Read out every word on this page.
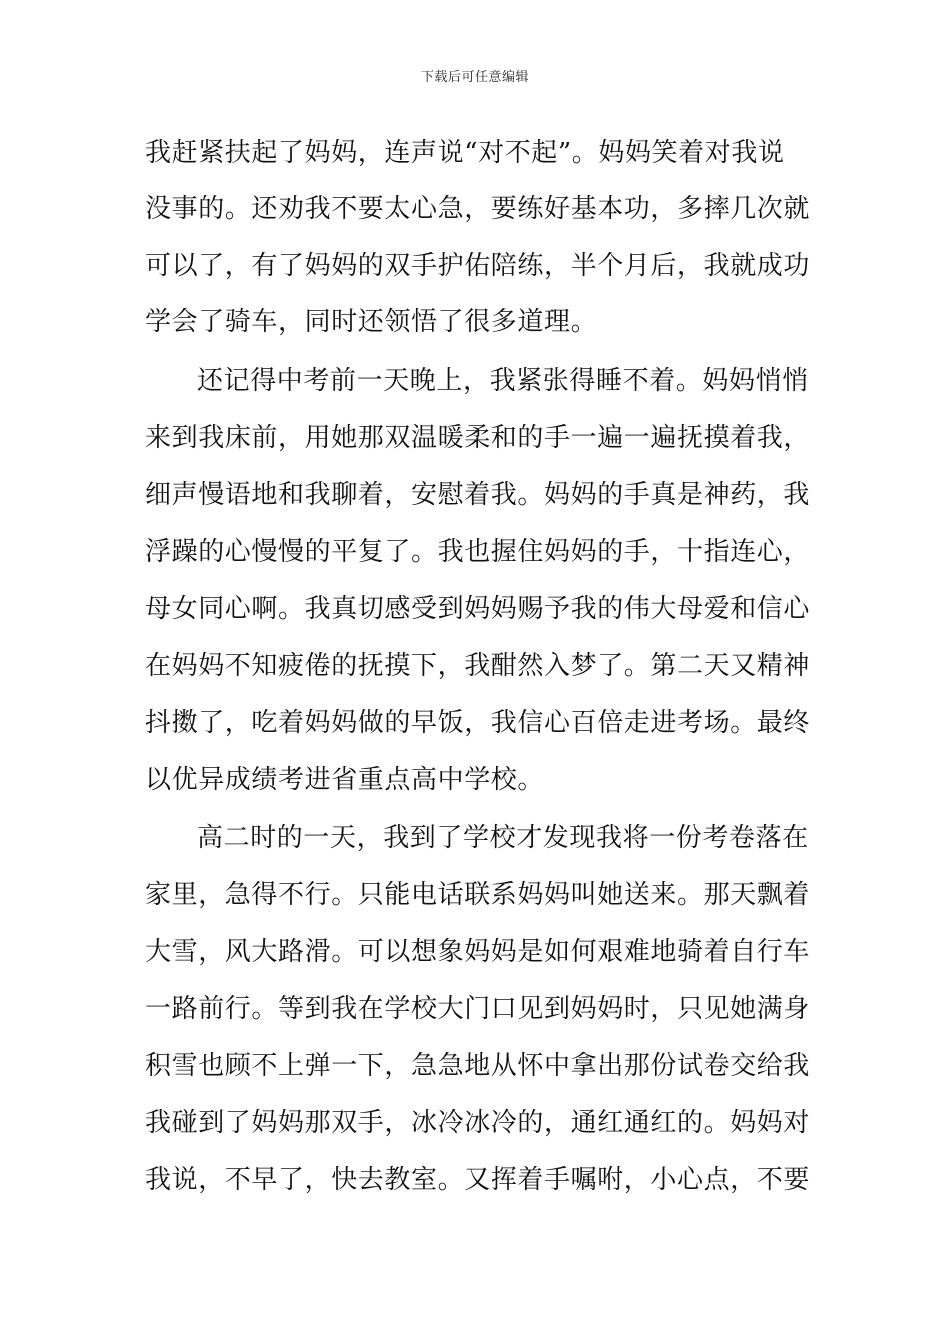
下载后可任意编辑
我赶紧扶起了妈妈，连声说“对不起”。妈妈笑着对我说
没事的。还劝我不要太心急，要练好基本功，多摔几次就
可以了，有了妈妈的双手护佑陪练，半个月后，我就成功
学会了骑车，同时还领悟了很多道理。
还记得中考前一天晚上，我紧张得睡不着。妈妈悄悄
来到我床前，用她那双温暖柔和的手一遍一遍抚摸着我，
细声慢语地和我聊着，安慰着我。妈妈的手真是神药，我
浮躁的心慢慢的平复了。我也握住妈妈的手，十指连心，
母女同心啊。我真切感受到妈妈赐予我的伟大母爱和信心
在妈妈不知疲倦的抚摸下，我酣然入梦了。第二天又精神
抖擞了，吃着妈妈做的早饭，我信心百倍走进考场。最终
以优异成绩考进省重点高中学校。
高二时的一天，我到了学校才发现我将一份考卷落在
家里，急得不行。只能电话联系妈妈叫她送来。那天飘着
大雪，风大路滑。可以想象妈妈是如何艰难地骑着自行车
一路前行。等到我在学校大门口见到妈妈时，只见她满身
积雪也顾不上弹一下，急急地从怀中拿出那份试卷交给我
我碰到了妈妈那双手，冰冷冰冷的，通红通红的。妈妈对
我说，不早了，快去教室。又挥着手嘱咐，小心点，不要
